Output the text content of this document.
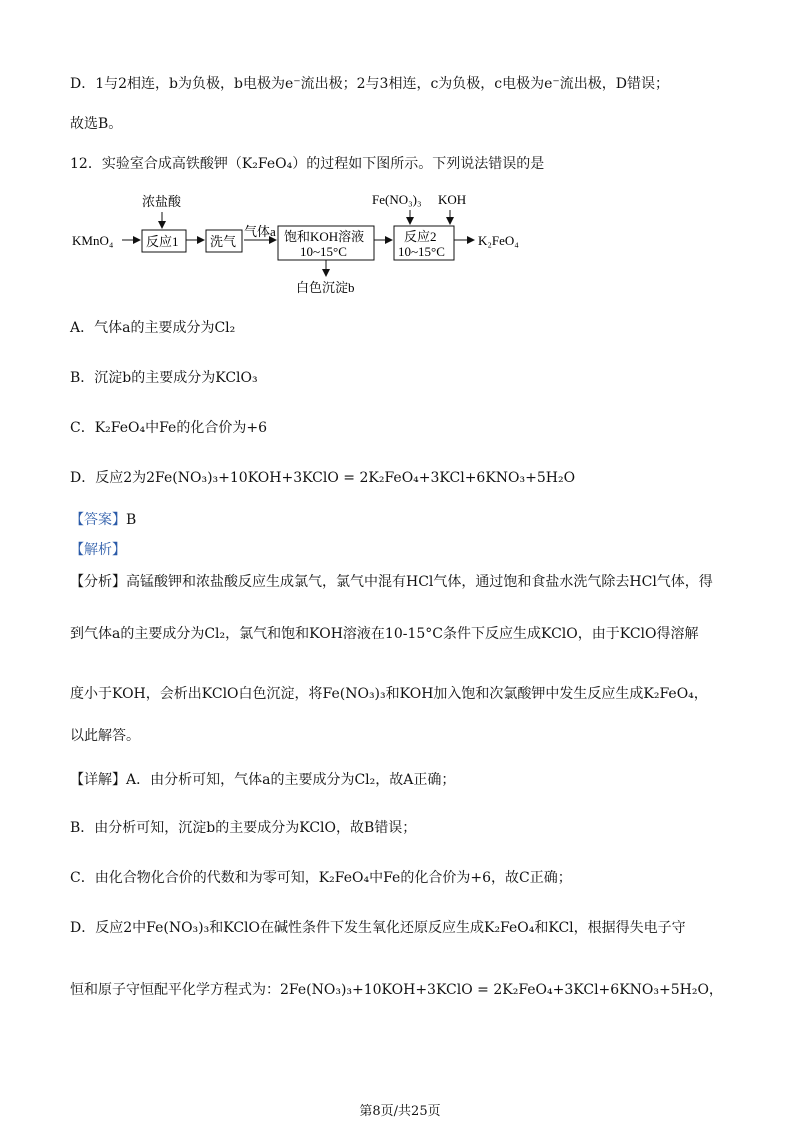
D．1与2相连，b为负极，b电极为e⁻流出极；2与3相连，c为负极，c电极为e⁻流出极，D错误；
故选B。
12．实验室合成高铁酸钾（K₂FeO₄）的过程如下图所示。下列说法错误的是
KMnO₄
浓盐酸
反应1 洗气
气体a 饱和KOH溶液
10~15°C
白色沉淀b
Fe(NO₃)₃ KOH
反应2
10~15°C
K₂FeO₄
A．气体a的主要成分为Cl₂
B．沉淀b的主要成分为KClO₃
C．K₂FeO₄中Fe的化合价为+6
D．反应2为2Fe(NO₃)₃+10KOH+3KClO = 2K₂FeO₄+3KCl+6KNO₃+5H₂O
【答案】B
【解析】
【分析】高锰酸钾和浓盐酸反应生成氯气，氯气中混有HCl气体，通过饱和食盐水洗气除去HCl气体，得
到气体a的主要成分为Cl₂，氯气和饱和KOH溶液在10-15°C条件下反应生成KClO，由于KClO得溶解
度小于KOH，会析出KClO白色沉淀，将Fe(NO₃)₃和KOH加入饱和次氯酸钾中发生反应生成K₂FeO₄，
以此解答。
【详解】A．由分析可知，气体a的主要成分为Cl₂，故A正确；
B．由分析可知，沉淀b的主要成分为KClO，故B错误；
C．由化合物化合价的代数和为零可知，K₂FeO₄中Fe的化合价为+6，故C正确；
D．反应2中Fe(NO₃)₃和KClO在碱性条件下发生氧化还原反应生成K₂FeO₄和KCl，根据得失电子守
恒和原子守恒配平化学方程式为：2Fe(NO₃)₃+10KOH+3KClO = 2K₂FeO₄+3KCl+6KNO₃+5H₂O，
第8页/共25页
